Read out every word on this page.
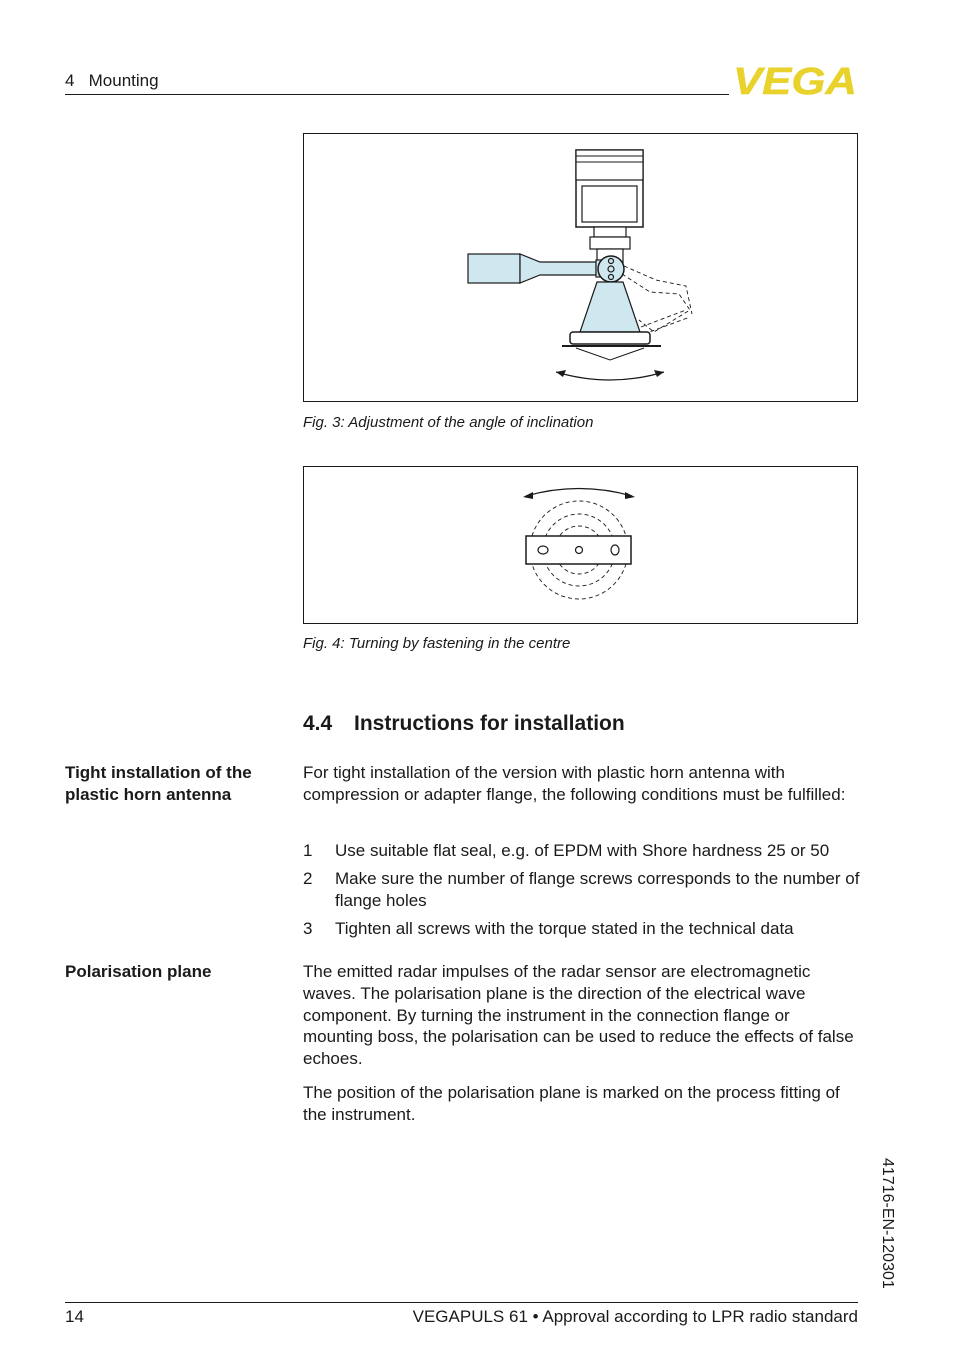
4   Mounting	VEGA
Fig. 3: Adjustment of the angle of inclination
Fig. 4: Turning by fastening in the centre
4.4 Instructions for installation
Tight installation of the
plastic horn antenna
For tight installation of the version with plastic horn antenna with compression or adapter flange, the following conditions must be fulfilled:
1 Use suitable flat seal, e.g. of EPDM with Shore hardness 25 or 50
2 Make sure the number of flange screws corresponds to the number of flange holes
3 Tighten all screws with the torque stated in the technical data
Polarisation plane	The emitted radar impulses of the radar sensor are electromagnetic waves. The polarisation plane is the direction of the electrical wave component. By turning the instrument in the connection flange or mounting boss, the polarisation can be used to reduce the effects of false echoes.
The position of the polarisation plane is marked on the process fitting of the instrument.
41716-EN-120301
14	VEGAPULS 61 • Approval according to LPR radio standard
